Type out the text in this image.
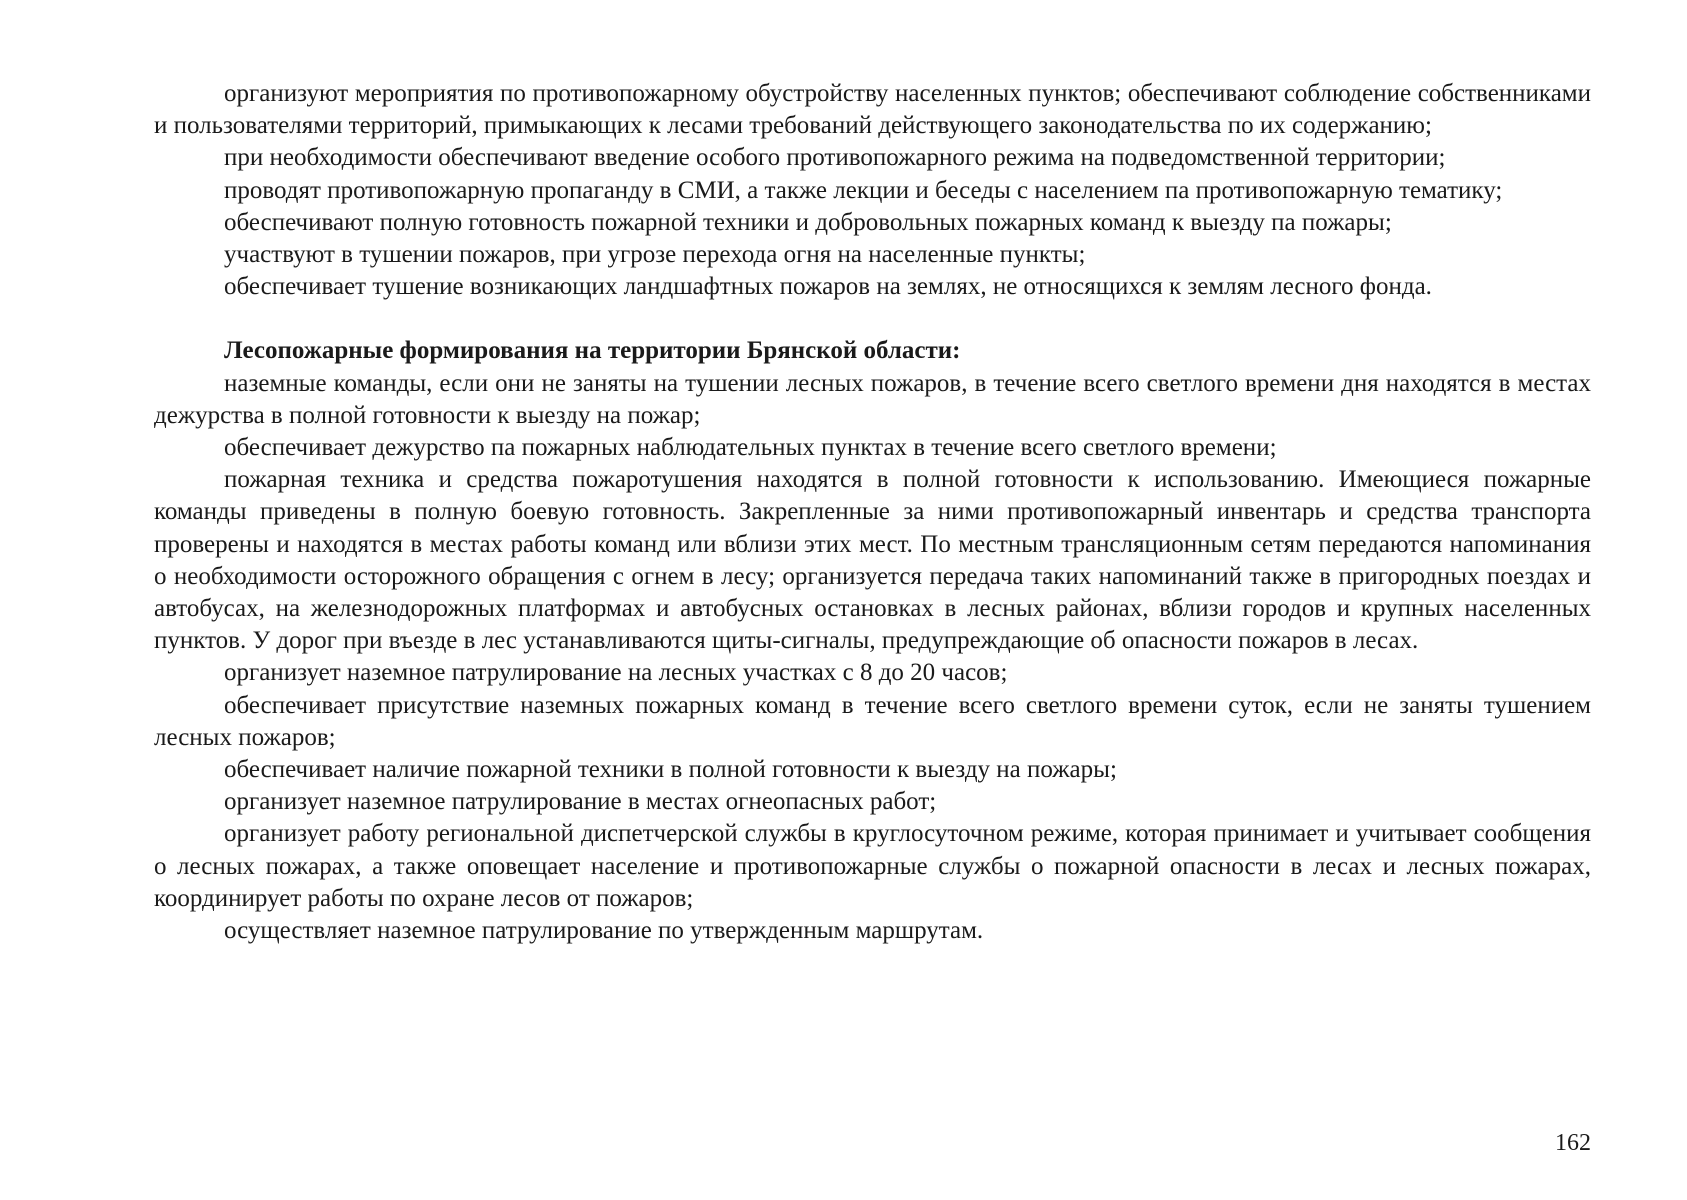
организуют мероприятия по противопожарному обустройству населенных пунктов; обеспечивают соблюдение собственниками и пользователями территорий, примыкающих к лесами требований действующего законодательства по их содержанию;

при необходимости обеспечивают введение особого противопожарного режима на подведомственной территории;

проводят противопожарную пропаганду в СМИ, а также лекции и беседы с населением па противопожарную тематику;

обеспечивают полную готовность пожарной техники и добровольных пожарных команд к выезду па пожары;

участвуют в тушении пожаров, при угрозе перехода огня на населенные пункты;

обеспечивает тушение возникающих ландшафтных пожаров на землях, не относящихся к землям лесного фонда.

Лесопожарные формирования на территории Брянской области:

наземные команды, если они не заняты на тушении лесных пожаров, в течение всего светлого времени дня находятся в местах дежурства в полной готовности к выезду на пожар;

обеспечивает дежурство па пожарных наблюдательных пунктах в течение всего светлого времени;

пожарная техника и средства пожаротушения находятся в полной готовности к использованию. Имеющиеся пожарные команды приведены в полную боевую готовность. Закрепленные за ними противопожарный инвентарь и средства транспорта проверены и находятся в местах работы команд или вблизи этих мест. По местным трансляционным сетям передаются напоминания о необходимости осторожного обращения с огнем в лесу; организуется передача таких напоминаний также в пригородных поездах и автобусах, на железнодорожных платформах и автобусных остановках в лесных районах, вблизи городов и крупных населенных пунктов. У дорог при въезде в лес устанавливаются щиты-сигналы, предупреждающие об опасности пожаров в лесах.

организует наземное патрулирование на лесных участках с 8 до 20 часов;

обеспечивает присутствие наземных пожарных команд в течение всего светлого времени суток, если не заняты тушением лесных пожаров;

обеспечивает наличие пожарной техники в полной готовности к выезду на пожары;

организует наземное патрулирование в местах огнеопасных работ;

организует работу региональной диспетчерской службы в круглосуточном режиме, которая принимает и учитывает сообщения о лесных пожарах, а также оповещает население и противопожарные службы о пожарной опасности в лесах и лесных пожарах, координирует работы по охране лесов от пожаров;

осуществляет наземное патрулирование по утвержденным маршрутам.

162
